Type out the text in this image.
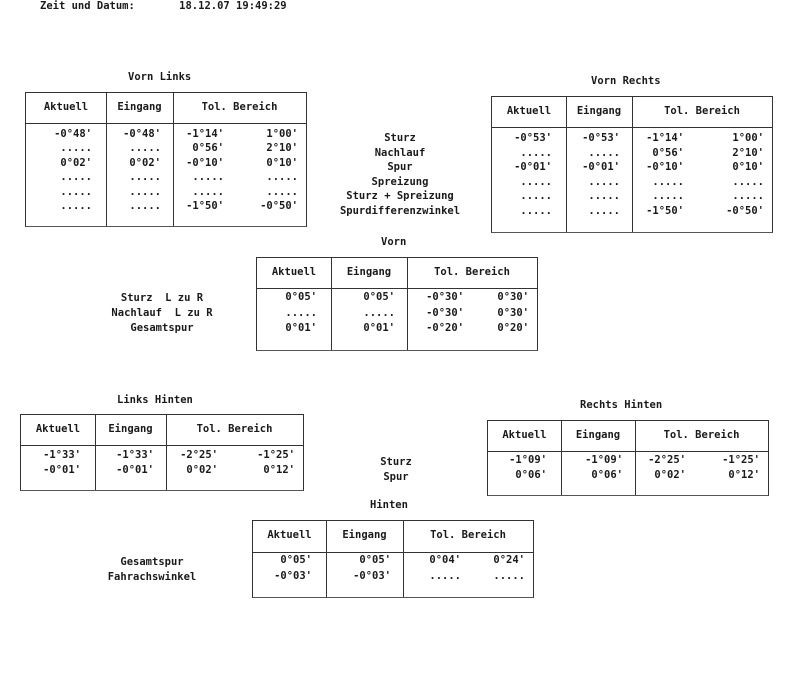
Zeit und Datum:	18.12.07 19:49:29
Vorn Links	Vorn Rechts
Vorn
Links Hinten	Rechts Hinten
Hinten
Sturz
Nachlauf
Spur
Spreizung
Sturz + Spreizung
Spurdifferenzwinkel
Sturz  L zu R
Nachlauf  L zu R
Gesamtspur
Sturz
Spur
Gesamtspur
Fahrachswinkel
Aktuell	Eingang	Tol. Bereich
-0°48'	-0°48'	-1°14'	1°00'
.....	.....	0°56'	2°10'
0°02'	0°02'	-0°10'	0°10'
.....	.....	.....	.....
.....	.....	.....	.....
.....	.....	-1°50'	-0°50'
Aktuell	Eingang	Tol. Bereich
-0°53'	-0°53'	-1°14'	1°00'
.....	.....	0°56'	2°10'
-0°01'	-0°01'	-0°10'	0°10'
.....	.....	.....	.....
.....	.....	.....	.....
.....	.....	-1°50'	-0°50'
Aktuell	Eingang	Tol. Bereich
0°05'	0°05'	-0°30'	0°30'
.....	.....	-0°30'	0°30'
0°01'	0°01'	-0°20'	0°20'
Aktuell	Eingang	Tol. Bereich
-1°33'	-1°33'	-2°25'	-1°25'
-0°01'	-0°01'	0°02'	0°12'
Aktuell	Eingang	Tol. Bereich
-1°09'	-1°09'	-2°25'	-1°25'
0°06'	0°06'	0°02'	0°12'
Aktuell	Eingang	Tol. Bereich
0°05'	0°05'	0°04'	0°24'
-0°03'	-0°03'	.....	.....
